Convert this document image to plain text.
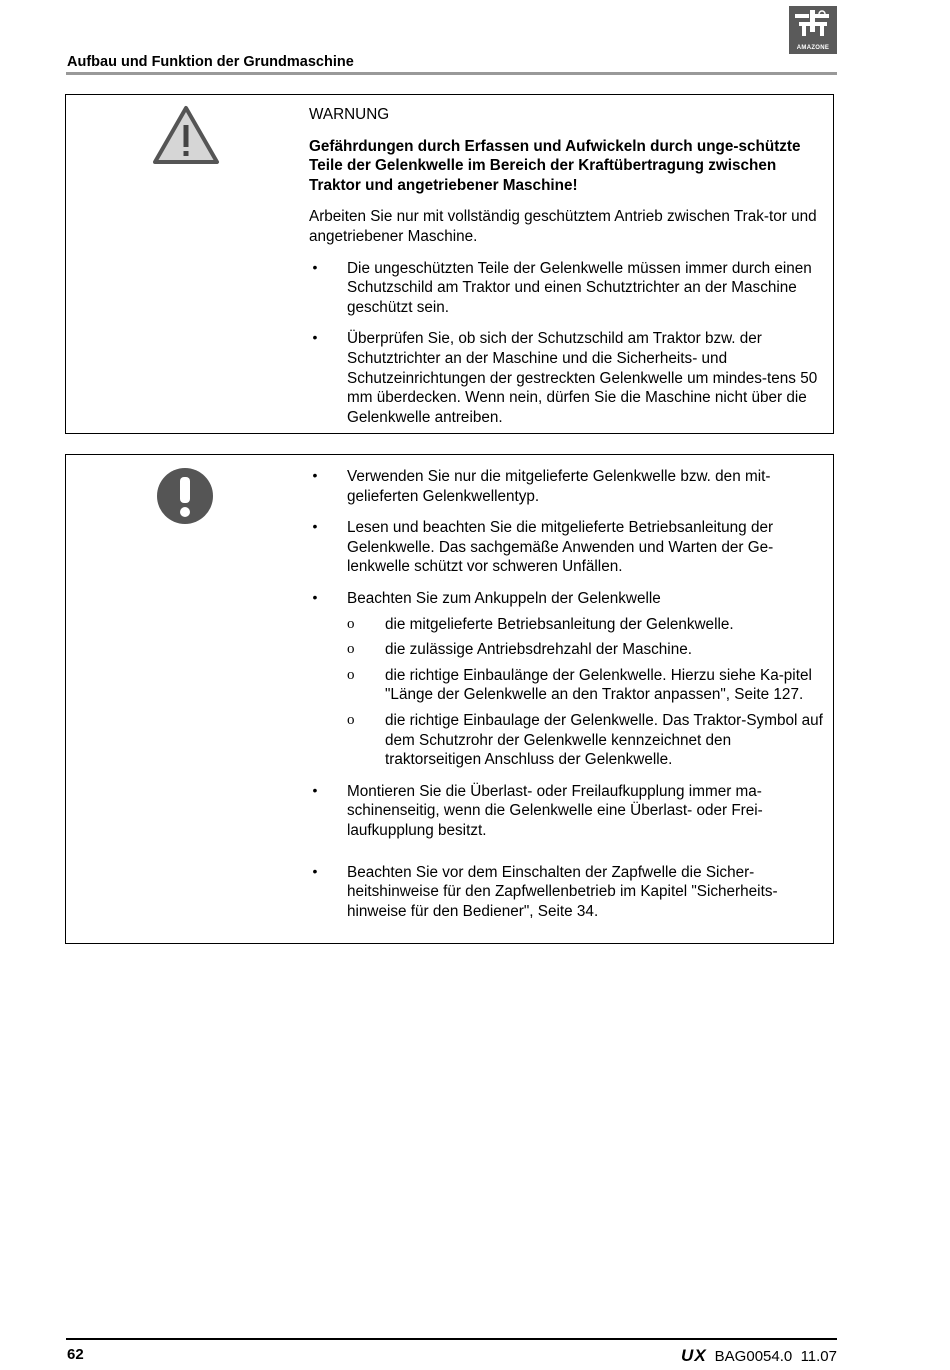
Aufbau und Funktion der Grundmaschine
AMAZONE

WARNUNG

Gefährdungen durch Erfassen und Aufwickeln durch unge-schützte Teile der Gelenkwelle im Bereich der Kraftübertragung zwischen Traktor und angetriebener Maschine!

Arbeiten Sie nur mit vollständig geschütztem Antrieb zwischen Trak-tor und angetriebener Maschine.

• Die ungeschützten Teile der Gelenkwelle müssen immer durch einen Schutzschild am Traktor und einen Schutztrichter an der Maschine geschützt sein.
• Überprüfen Sie, ob sich der Schutzschild am Traktor bzw. der Schutztrichter an der Maschine und die Sicherheits- und Schutzeinrichtungen der gestreckten Gelenkwelle um mindes-tens 50 mm überdecken. Wenn nein, dürfen Sie die Maschine nicht über die Gelenkwelle antreiben.
• Verwenden Sie nur die mitgelieferte Gelenkwelle bzw. den mit-gelieferten Gelenkwellentyp.
• Lesen und beachten Sie die mitgelieferte Betriebsanleitung der Gelenkwelle. Das sachgemäße Anwenden und Warten der Ge-lenkwelle schützt vor schweren Unfällen.
• Beachten Sie zum Ankuppeln der Gelenkwelle
ο die mitgelieferte Betriebsanleitung der Gelenkwelle.
ο die zulässige Antriebsdrehzahl der Maschine.
ο die richtige Einbaulänge der Gelenkwelle. Hierzu siehe Ka-pitel "Länge der Gelenkwelle an den Traktor anpassen", Seite 127.
ο die richtige Einbaulage der Gelenkwelle. Das Traktor-Symbol auf dem Schutzrohr der Gelenkwelle kennzeichnet den traktorseitigen Anschluss der Gelenkwelle.
• Montieren Sie die Überlast- oder Freilaufkupplung immer ma-schinenseitig, wenn die Gelenkwelle eine Überlast- oder Frei-laufkupplung besitzt.
• Beachten Sie vor dem Einschalten der Zapfwelle die Sicher-heitshinweise für den Zapfwellenbetrieb im Kapitel "Sicherheits-hinweise für den Bediener", Seite 34.
62	UX BAG0054.0  11.07
